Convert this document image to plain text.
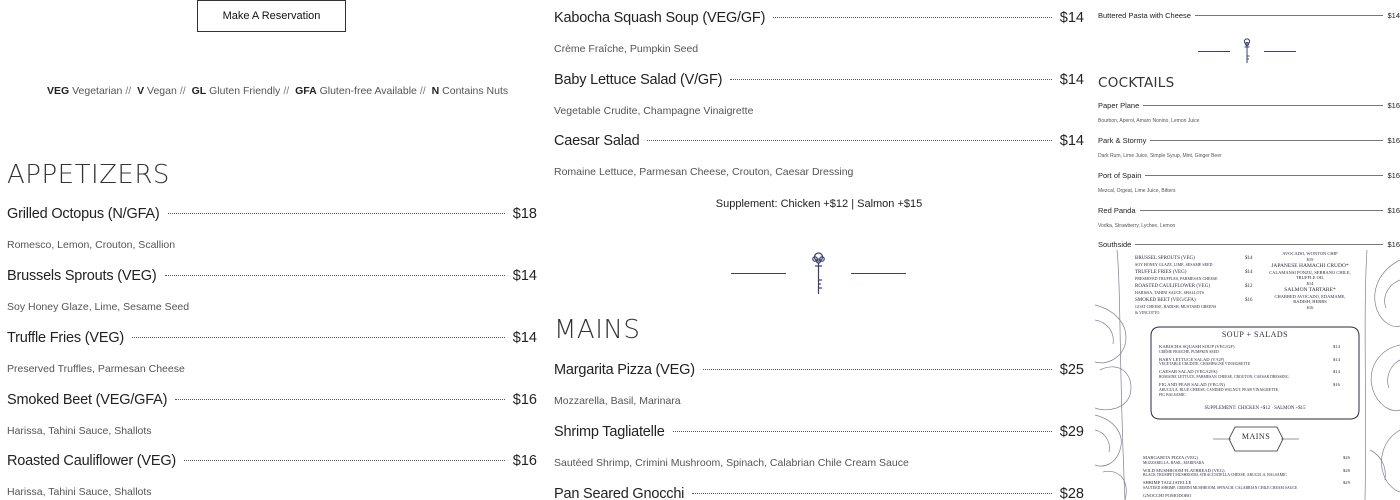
Make A Reservation
VEG Vegetarian // V Vegan // GL Gluten Friendly // GFA Gluten-free Available // N Contains Nuts
APPETIZERS
Grilled Octopus (N/GFA)	$18
Romesco, Lemon, Crouton, Scallion
Brussels Sprouts (VEG)	$14
Soy Honey Glaze, Lime, Sesame Seed
Truffle Fries (VEG)	$14
Preserved Truffles, Parmesan Cheese
Smoked Beet (VEG/GFA)	$16
Harissa, Tahini Sauce, Shallots
Roasted Cauliflower (VEG)	$16
Harissa, Tahini Sauce, Shallots
Kabocha Squash Soup (VEG/GF)	$14
Crème Fraîche, Pumpkin Seed
Baby Lettuce Salad (V/GF)	$14
Vegetable Crudite, Champagne Vinaigrette
Caesar Salad	$14
Romaine Lettuce, Parmesan Cheese, Crouton, Caesar Dressing
Supplement: Chicken +$12 | Salmon +$15
MAINS
Margarita Pizza (VEG)	$25
Mozzarella, Basil, Marinara
Shrimp Tagliatelle	$29
Sautéed Shrimp, Crimini Mushroom, Spinach, Calabrian Chile Cream Sauce
Pan Seared Gnocchi	$28
Buttered Pasta with Cheese	$14
COCKTAILS
Paper Plane	$16
Bourbon, Aperol, Amaro Nonino, Lemon Juice
Park & Stormy	$16
Dark Rum, Lime Juice, Simple Syrup, Mint, Ginger Beer
Port of Spain	$16
Mezcal, Orgeat, Lime Juice, Bitters
Red Panda	$16
Vodka, Strawberry, Lychee, Lemon
Southside	$16
BRUSSEL SPROUTS (VEG)	$14
SOY HONEY GLAZE, LIME, SESAME SEED
TRUFFLE FRIES (VEG)	$14
PRESERVED TRUFFLES, PARMESAN CHEESE
ROASTED CAULIFLOWER (VEG)	$12
HARISSA, TAHINI SAUCE, SHALLOTS
SMOKED BEET (VEG/GFA)	$16
GOAT CHEESE, RADISH, MUSTARD GREENS
& VINCOTTO
AVOCADO, WONTON CHIP
$19
JAPANESE HAMACHI CRUDO*
CALAMANSI PONZU, SERRANO CHILE,
TRUFFLE OIL
$14
SALMON TARTARE*
CHARRED AVOCADO, EDAMAME,
RADISH, HERBS
$16
SOUP + SALADS
KABOCHA SQUASH SOUP (VEG/GF)	$14
CRÈME FRAICHE, PUMPKIN SEED
BABY LETTUCE SALAD (V/GF)	$14
VEGETABLE CRUDITE, CHAMPAGNE VINAIGRETTE
CAESAR SALAD (VEG/GFA)	$14
ROMAINE LETTUCE, PARMESAN CHEESE, CROUTON, CAESAR DRESSING
FIG AND PEAR SALAD (VEG/N)	$16
ARUGULA, BLUE CHEESE, CANDIED WALNUT, PEAR VINAIGRETTE,
FIG BALSAMIC
SUPPLEMENT: CHICKEN +$12 · SALMON +$15
MAINS
MARGARITA PIZZA (VEG)	$26
MOZZARELLA, BASIL, MARINARA
WILD MUSHROOM FLATBREAD (VEG)	$28
BLACK TRUMPET MUSHROOM, STRACCIATELLA CHEESE, ARUGULA, BALSAMIC
SHRIMP TAGLIATELLE	$29
SAUTEED SHRIMP, CRIMINI MUSHROOM, SPINACH, CALABRIAN CHILE CREAM SAUCE
GNOCCHI POMODORO
